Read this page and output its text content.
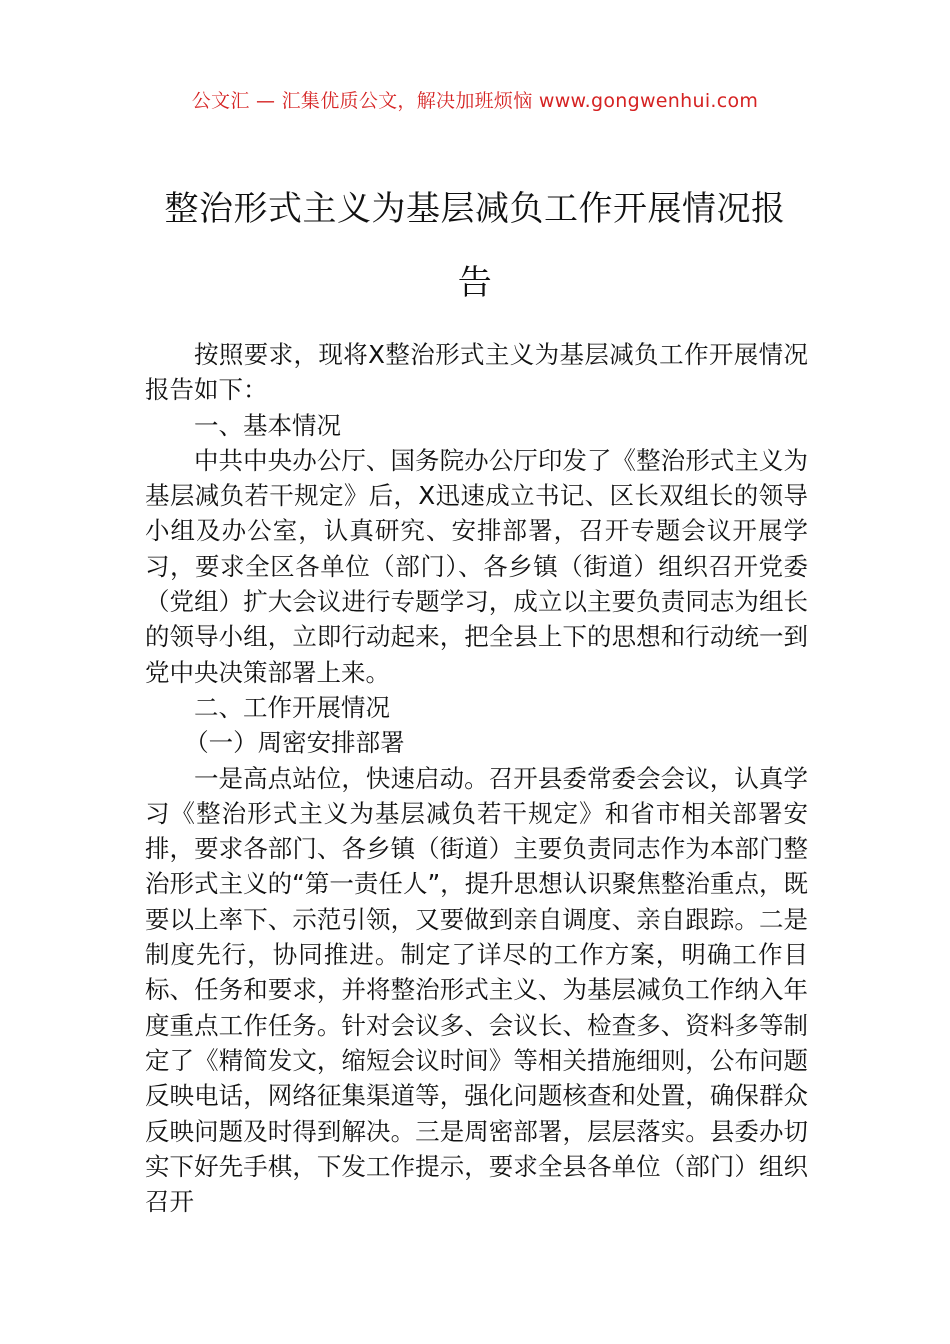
公文汇 — 汇集优质公文，解决加班烦恼 www.gongwenhui.com
整治形式主义为基层减负工作开展情况报告

按照要求，现将X整治形式主义为基层减负工作开展情况报告如下：

一、基本情况

中共中央办公厅、国务院办公厅印发了《整治形式主义为基层减负若干规定》后，X迅速成立书记、区长双组长的领导小组及办公室，认真研究、安排部署，召开专题会议开展学习，要求全区各单位（部门）、各乡镇（街道）组织召开党委（党组）扩大会议进行专题学习，成立以主要负责同志为组长的领导小组，立即行动起来，把全县上下的思想和行动统一到党中央决策部署上来。

二、工作开展情况

（一）周密安排部署

一是高点站位，快速启动。召开县委常委会会议，认真学习《整治形式主义为基层减负若干规定》和省市相关部署安排，要求各部门、各乡镇（街道）主要负责同志作为本部门整治形式主义的“第一责任人”，提升思想认识聚焦整治重点，既要以上率下、示范引领，又要做到亲自调度、亲自跟踪。二是制度先行，协同推进。制定了详尽的工作方案，明确工作目标、任务和要求，并将整治形式主义、为基层减负工作纳入年度重点工作任务。针对会议多、会议长、检查多、资料多等制定了《精简发文，缩短会议时间》等相关措施细则，公布问题反映电话，网络征集渠道等，强化问题核查和处置，确保群众反映问题及时得到解决。三是周密部署，层层落实。县委办切实下好先手棋，下发工作提示，要求全县各单位（部门）组织召开
